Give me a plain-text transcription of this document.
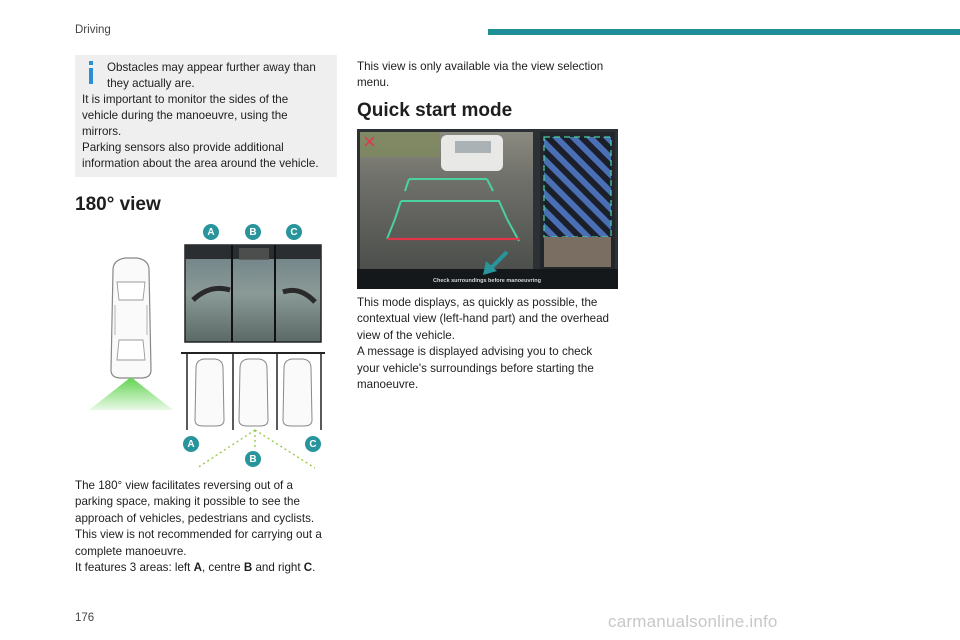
Driving
Obstacles may appear further away than
they actually are.
It is important to monitor the sides of the
vehicle during the manoeuvre, using the
mirrors.
Parking sensors also provide additional
information about the area around the vehicle.
180° view
A	B	C
A
B
C

The 180° view facilitates reversing out of a

parking space, making it possible to see the

approach of vehicles, pedestrians and cyclists.

This view is not recommended for carrying out a

complete manoeuvre.

It features 3 areas: left A, centre B and right C.

This view is only available via the view selection

menu.

Quick start mode
Check surroundings before manoeuvring

This mode displays, as quickly as possible, the

contextual view (left-hand part) and the overhead

view of the vehicle.

A message is displayed advising you to check

your vehicle's surroundings before starting the

manoeuvre.

176	carmanualsonline.info
